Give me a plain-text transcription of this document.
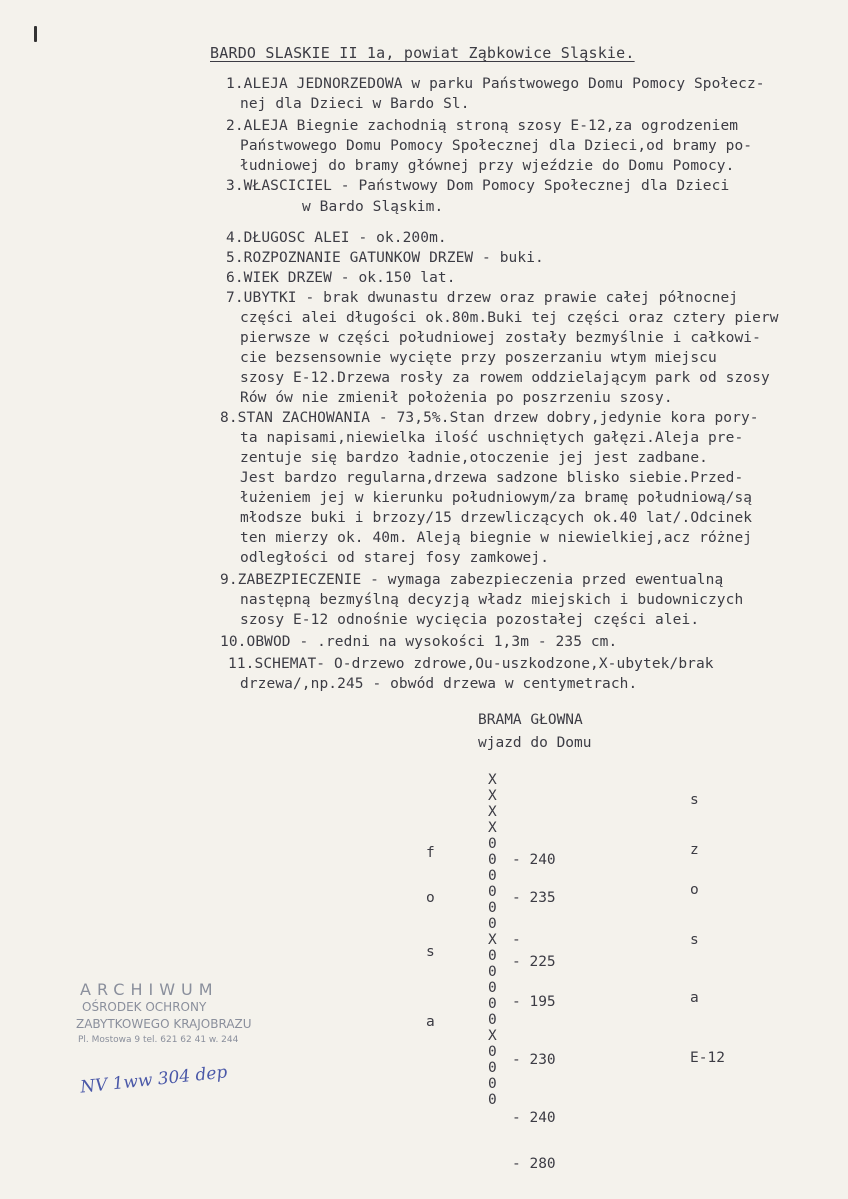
BARDO SLASKIE II 1a, powiat Ząbkowice Sląskie.
1.ALEJA JEDNORZEDOWA w parku Państwowego Domu Pomocy Społecz-
nej dla Dzieci w Bardo Sl.
2.ALEJA Biegnie zachodnią stroną szosy E-12,za ogrodzeniem
Państwowego Domu Pomocy Społecznej dla Dzieci,od bramy po-
łudniowej do bramy głównej przy wjeździe do Domu Pomocy.
3.WŁASCICIEL - Państwowy Dom Pomocy Społecznej dla Dzieci
w Bardo Sląskim.
4.DŁUGOSC ALEI - ok.200m.
5.ROZPOZNANIE GATUNKOW DRZEW - buki.
6.WIEK DRZEW - ok.150 lat.
7.UBYTKI - brak dwunastu drzew oraz prawie całej północnej
części alei długości ok.80m.Buki tej części oraz cztery pierw
pierwsze w części południowej zostały bezmyślnie i całkowi-
cie bezsensownie wycięte przy poszerzaniu wtym miejscu
szosy E-12.Drzewa rosły za rowem oddzielającym park od szosy
Rów ów nie zmienił położenia po poszrzeniu szosy.
8.STAN ZACHOWANIA - 73,5%.Stan drzew dobry,jedynie kora pory-
ta napisami,niewielka ilość uschniętych gałęzi.Aleja pre-
zentuje się bardzo ładnie,otoczenie jej jest zadbane.
Jest bardzo regularna,drzewa sadzone blisko siebie.Przed-
łużeniem jej w kierunku południowym/za bramę południową/są
młodsze buki i brzozy/15 drzewliczących ok.40 lat/.Odcinek
ten mierzy ok. 40m. Aleją biegnie w niewielkiej,acz różnej
odległości od starej fosy zamkowej.
9.ZABEZPIECZENIE - wymaga zabezpieczenia przed ewentualną
następną bezmyślną decyzją władz miejskich i budowniczych
szosy E-12 odnośnie wycięcia pozostałej części alei.
10.OBWOD - .redni na wysokości 1,3m - 235 cm.
11.SCHEMAT- O-drzewo zdrowe,Ou-uszkodzone,X-ubytek/brak
drzewa/,np.245 - obwód drzewa w centymetrach.
BRAMA GŁOWNA
wjazd do Domu
X
X
X
X
0
0
0
0
0
0
X
0
0
0
0
0
X
0
0
0
0
- 240
- 235
-
- 225
- 195
- 230
- 240
- 280
f
o
s
a
s
z
o
s
a
E-12
ARCHIWUM
OŚRODEK OCHRONY
ZABYTKOWEGO KRAJOBRAZU
Pl. Mostowa 9 tel. 621 62 41 w. 244
NV 1ww 304 dep
